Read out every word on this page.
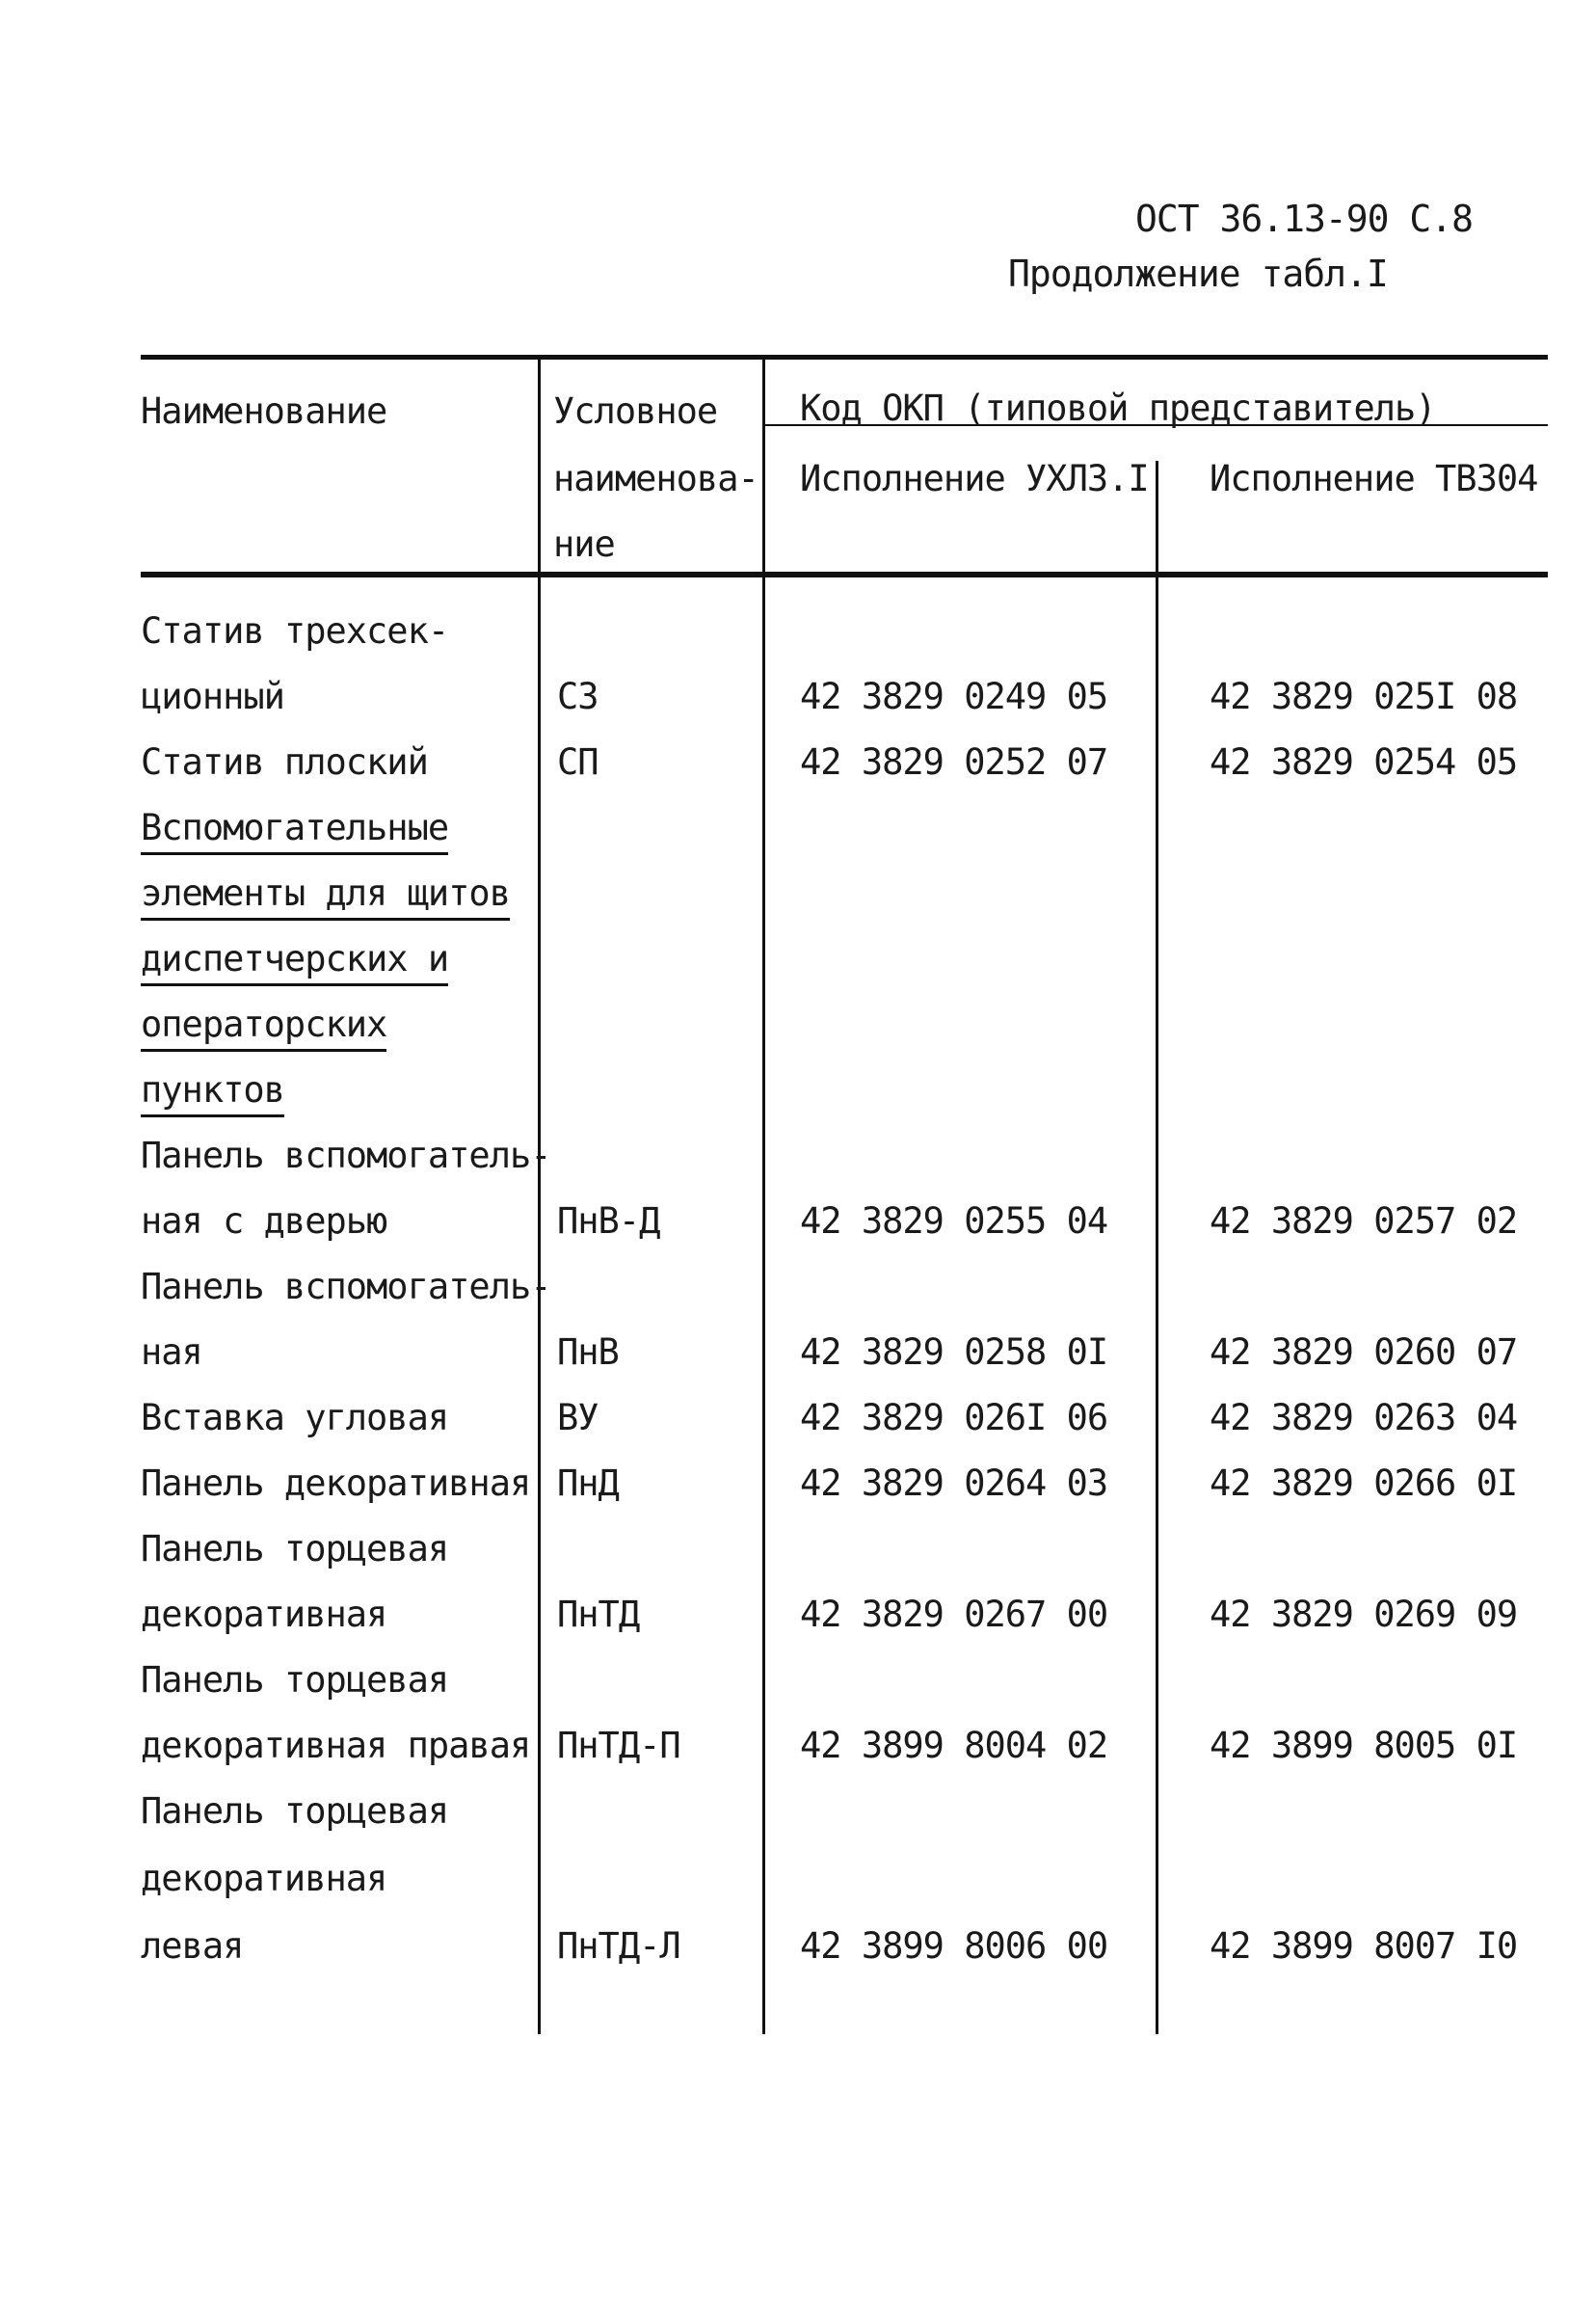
ОСТ 36.13-90 С.8
Продолжение табл.I
Наименование	Условное
наименова-
ние
Код ОКП (типовой представитель)
Исполнение УХЛ3.I Исполнение ТВ304
Статив трехсек-
ционный	С3	42 3829 0249 05	42 3829 025I 08
Статив плоский	СП	42 3829 0252 07	42 3829 0254 05
Вспомогательные
элементы для щитов
диспетчерских и
операторских
пунктов
Панель вспомогатель-
ная с дверью	ПнВ-Д	42 3829 0255 04	42 3829 0257 02
Панель вспомогатель-
ная	ПнВ	42 3829 0258 0I	42 3829 0260 07
Вставка угловая	ВУ	42 3829 026I 06	42 3829 0263 04
Панель декоративная ПнД	42 3829 0264 03	42 3829 0266 0I
Панель торцевая
декоративная	ПнТД	42 3829 0267 00	42 3829 0269 09
Панель торцевая
декоративная правая ПнТД-П	42 3899 8004 02	42 3899 8005 0I
Панель торцевая
декоративная
левая	ПнТД-Л	42 3899 8006 00	42 3899 8007 I0
